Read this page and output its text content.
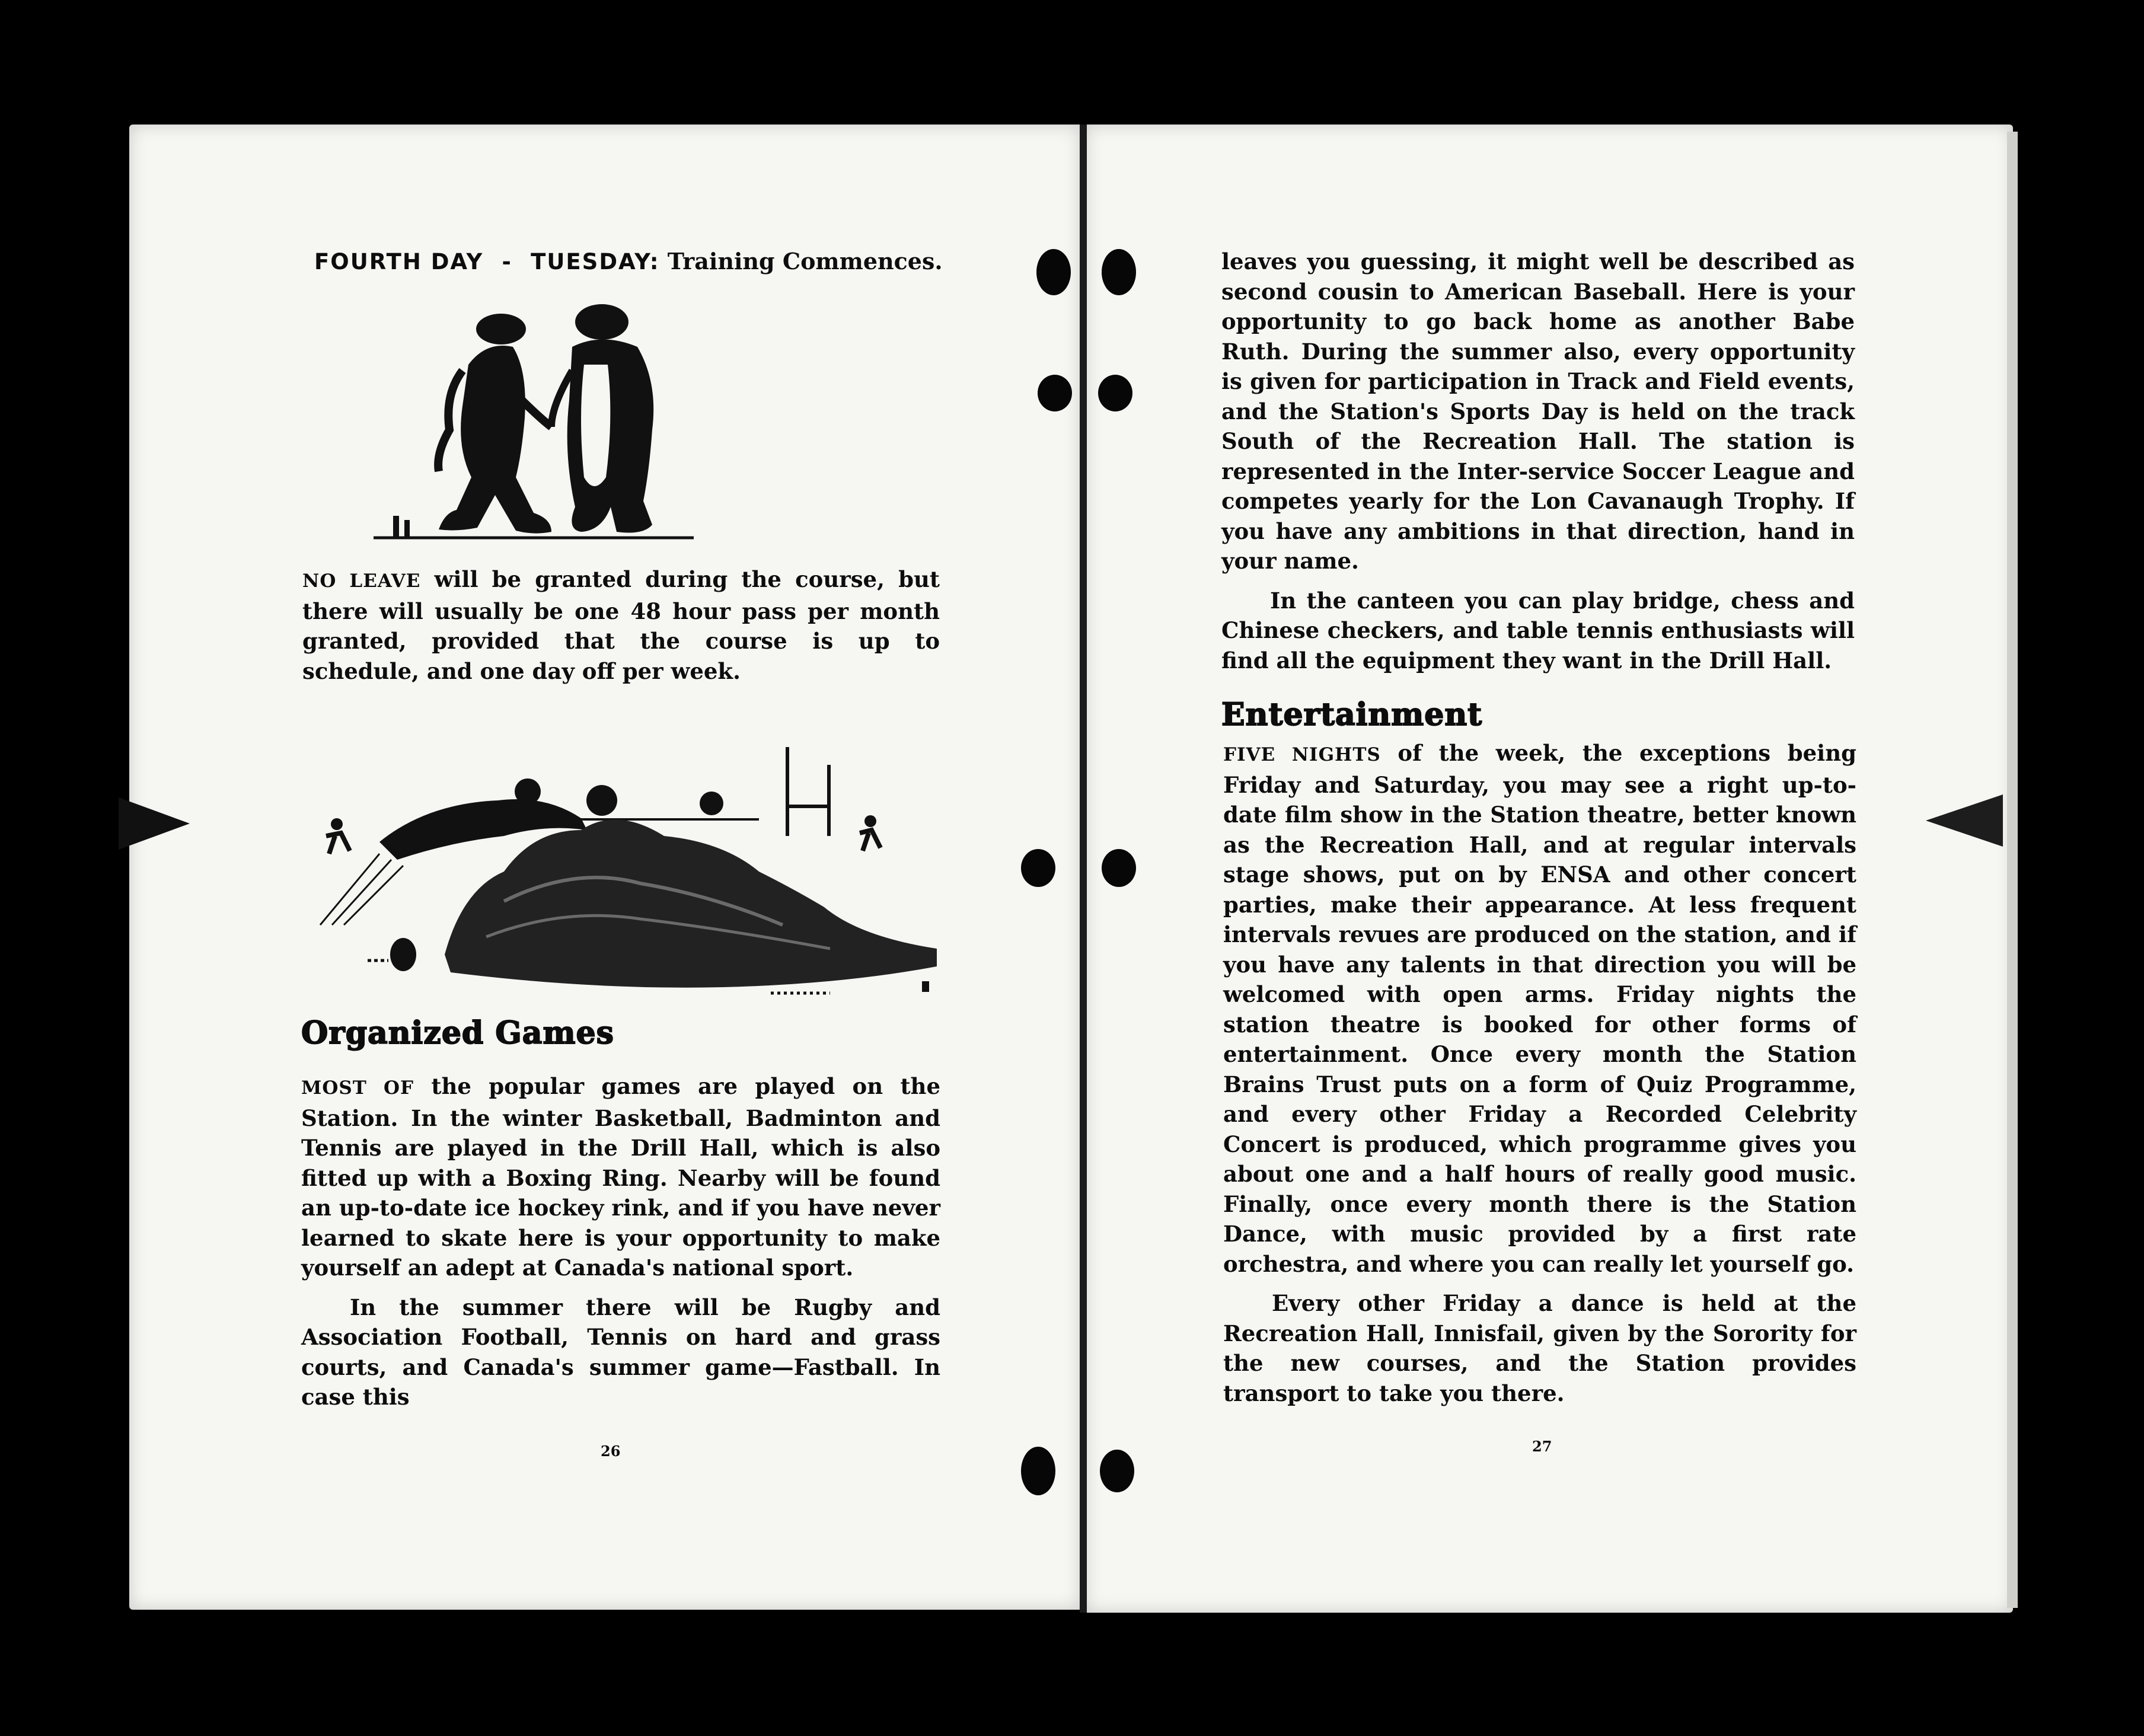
FOURTH DAY - TUESDAY: Training Commences.

NO LEAVE will be granted during the course, but there will usually be one 48 hour pass per month granted, provided that the course is up to schedule, and one day off per week.

Organized Games

MOST OF the popular games are played on the Station. In the winter Basketball, Badminton and Tennis are played in the Drill Hall, which is also fitted up with a Boxing Ring. Nearby will be found an up-to-date ice hockey rink, and if you have never learned to skate here is your opportunity to make yourself an adept at Canada's national sport.

In the summer there will be Rugby and Association Football, Tennis on hard and grass courts, and Canada's summer game—Fastball. In case this

26

leaves you guessing, it might well be described as second cousin to American Baseball. Here is your opportunity to go back home as another Babe Ruth. During the summer also, every opportunity is given for participation in Track and Field events, and the Station's Sports Day is held on the track South of the Recreation Hall. The station is represented in the Inter-service Soccer League and competes yearly for the Lon Cavanaugh Trophy. If you have any ambitions in that direction, hand in your name.

In the canteen you can play bridge, chess and Chinese checkers, and table tennis enthusiasts will find all the equipment they want in the Drill Hall.

Entertainment

FIVE NIGHTS of the week, the exceptions being Friday and Saturday, you may see a right up-to-date film show in the Station theatre, better known as the Recreation Hall, and at regular intervals stage shows, put on by ENSA and other concert parties, make their appearance. At less frequent intervals revues are produced on the station, and if you have any talents in that direction you will be welcomed with open arms. Friday nights the station theatre is booked for other forms of entertainment. Once every month the Station Brains Trust puts on a form of Quiz Programme, and every other Friday a Recorded Celebrity Concert is produced, which programme gives you about one and a half hours of really good music. Finally, once every month there is the Station Dance, with music provided by a first rate orchestra, and where you can really let yourself go.

Every other Friday a dance is held at the Recreation Hall, Innisfail, given by the Sorority for the new courses, and the Station provides transport to take you there.

27
